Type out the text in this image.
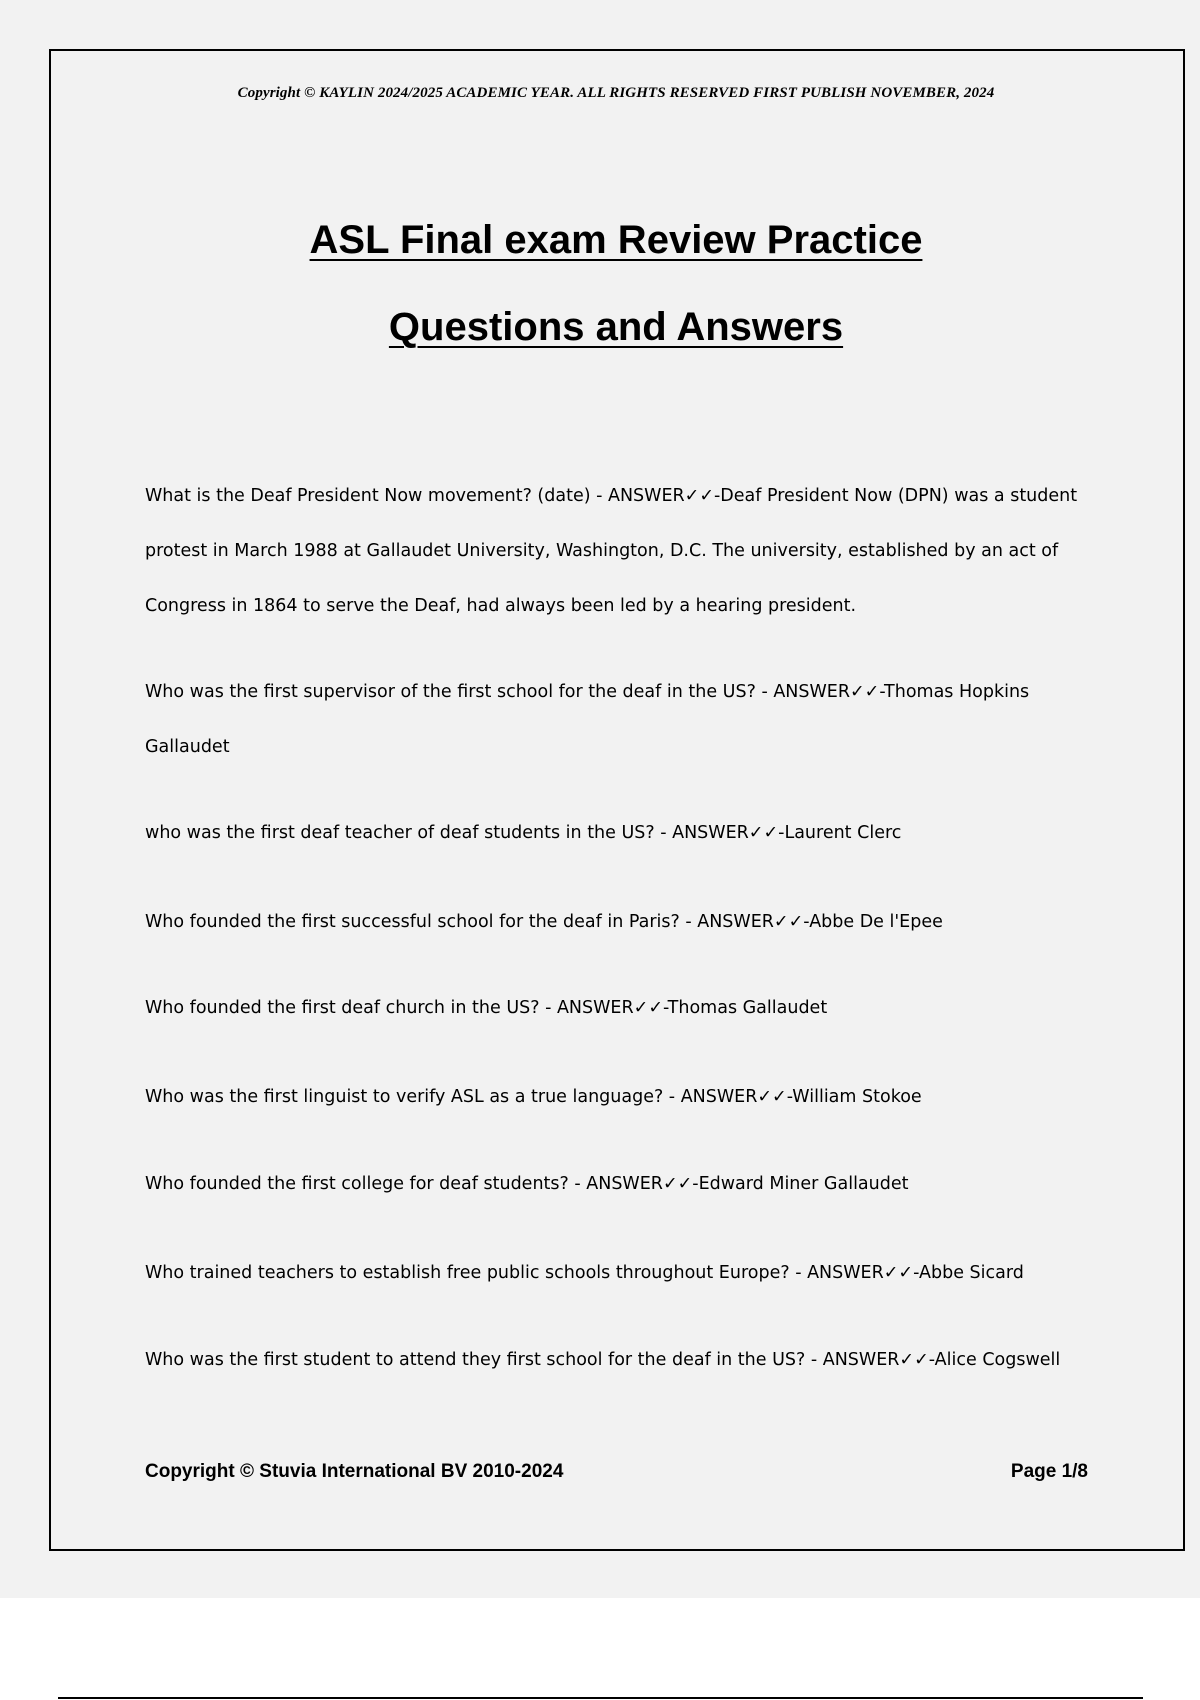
Copyright © KAYLIN 2024/2025 ACADEMIC YEAR. ALL RIGHTS RESERVED FIRST PUBLISH NOVEMBER, 2024
ASL Final exam Review Practice
Questions and Answers

What is the Deaf President Now movement? (date) - ANSWER✓✓-Deaf President Now (DPN) was a student protest in March 1988 at Gallaudet University, Washington, D.C. The university, established by an act of Congress in 1864 to serve the Deaf, had always been led by a hearing president.

Who was the first supervisor of the first school for the deaf in the US? - ANSWER✓✓-Thomas Hopkins Gallaudet

who was the first deaf teacher of deaf students in the US? - ANSWER✓✓-Laurent Clerc

Who founded the first successful school for the deaf in Paris? - ANSWER✓✓-Abbe De l'Epee

Who founded the first deaf church in the US? - ANSWER✓✓-Thomas Gallaudet

Who was the first linguist to verify ASL as a true language? - ANSWER✓✓-William Stokoe

Who founded the first college for deaf students? - ANSWER✓✓-Edward Miner Gallaudet

Who trained teachers to establish free public schools throughout Europe? - ANSWER✓✓-Abbe Sicard

Who was the first student to attend they first school for the deaf in the US? - ANSWER✓✓-Alice Cogswell

Copyright © Stuvia International BV 2010-2024	Page 1/8
